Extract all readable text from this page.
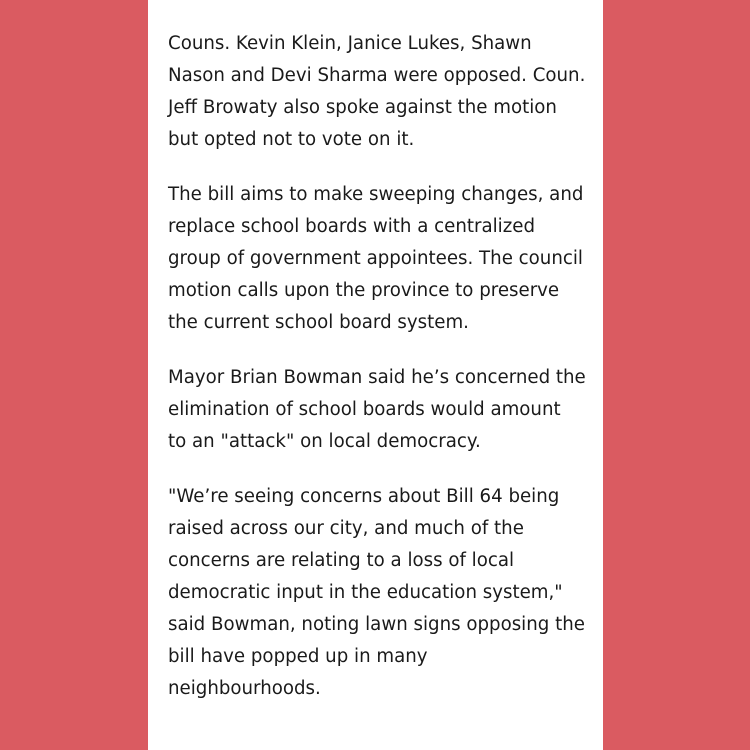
Couns. Kevin Klein, Janice Lukes, Shawn
Nason and Devi Sharma were opposed. Coun.
Jeff Browaty also spoke against the motion
but opted not to vote on it.

The bill aims to make sweeping changes, and
replace school boards with a centralized
group of government appointees. The council
motion calls upon the province to preserve
the current school board system.

Mayor Brian Bowman said he’s concerned the
elimination of school boards would amount
to an "attack" on local democracy.

"We’re seeing concerns about Bill 64 being
raised across our city, and much of the
concerns are relating to a loss of local
democratic input in the education system,"
said Bowman, noting lawn signs opposing the
bill have popped up in many
neighbourhoods.
